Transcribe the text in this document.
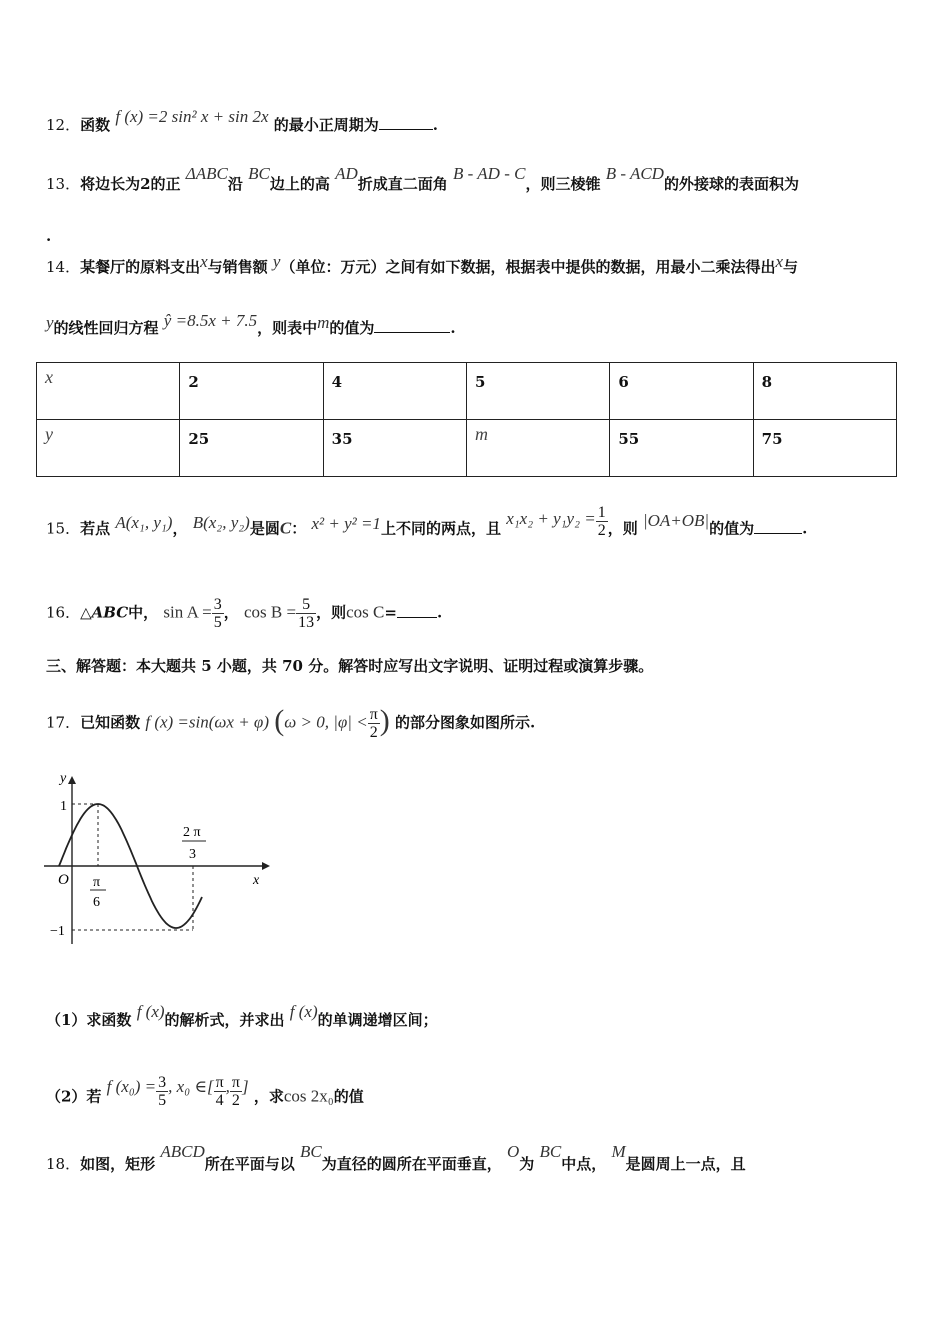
12．函数 f (x) =2 sin² x + sin 2x 的最小正周期为	.
13．将边长为2的正 ΔABC沿 BC边上的高 AD折成直二面角 B - AD - C，则三棱锥 B - ACD的外接球的表面积为
.
14．某餐厅的原料支出x与销售额 y（单位：万元）之间有如下数据，根据表中提供的数据，用最小二乘法得出x与
y的线性回归方程 ŷ =8.5x + 7.5，则表中m的值为	.
x	2	4	5	6	8
y	25	35	m	55	75
15．若点 A(x₁, y₁)， B(x₂, y₂)是圆C： x² + y² =1上不同的两点，且 $x_1x_2 + y_1y_2 = \frac{1}{2}$ ，则 |OA+OB|的值为	.
16．△ABC中， $\sin A = \frac{3}{5}$ ， $\cos B = \frac{5}{13}$ ，则cos C=	.
三、解答题：本大题共 5 小题，共 70 分。解答时应写出文字说明、证明过程或演算步骤。
17．已知函数 f (x) =sin(ωx + φ) (ω > 0, $|\varphi| < \frac{\pi}{2}$ ) 的部分图象如图所示.
y
x
O
1
−1
π
6
2 π
3
（1）求函数 f (x)的解析式，并求出 f (x)的单调递增区间；
（2）若 f $(x_0) = \frac{3}{5}$ , x₀ ∈[ $\frac{\pi}{4}$ , $\frac{\pi}{2}$ ] ，求cos 2x₀的值
18．如图，矩形 ABCD所在平面与以 BC为直径的圆所在平面垂直， O为 BC中点， M是圆周上一点，且
